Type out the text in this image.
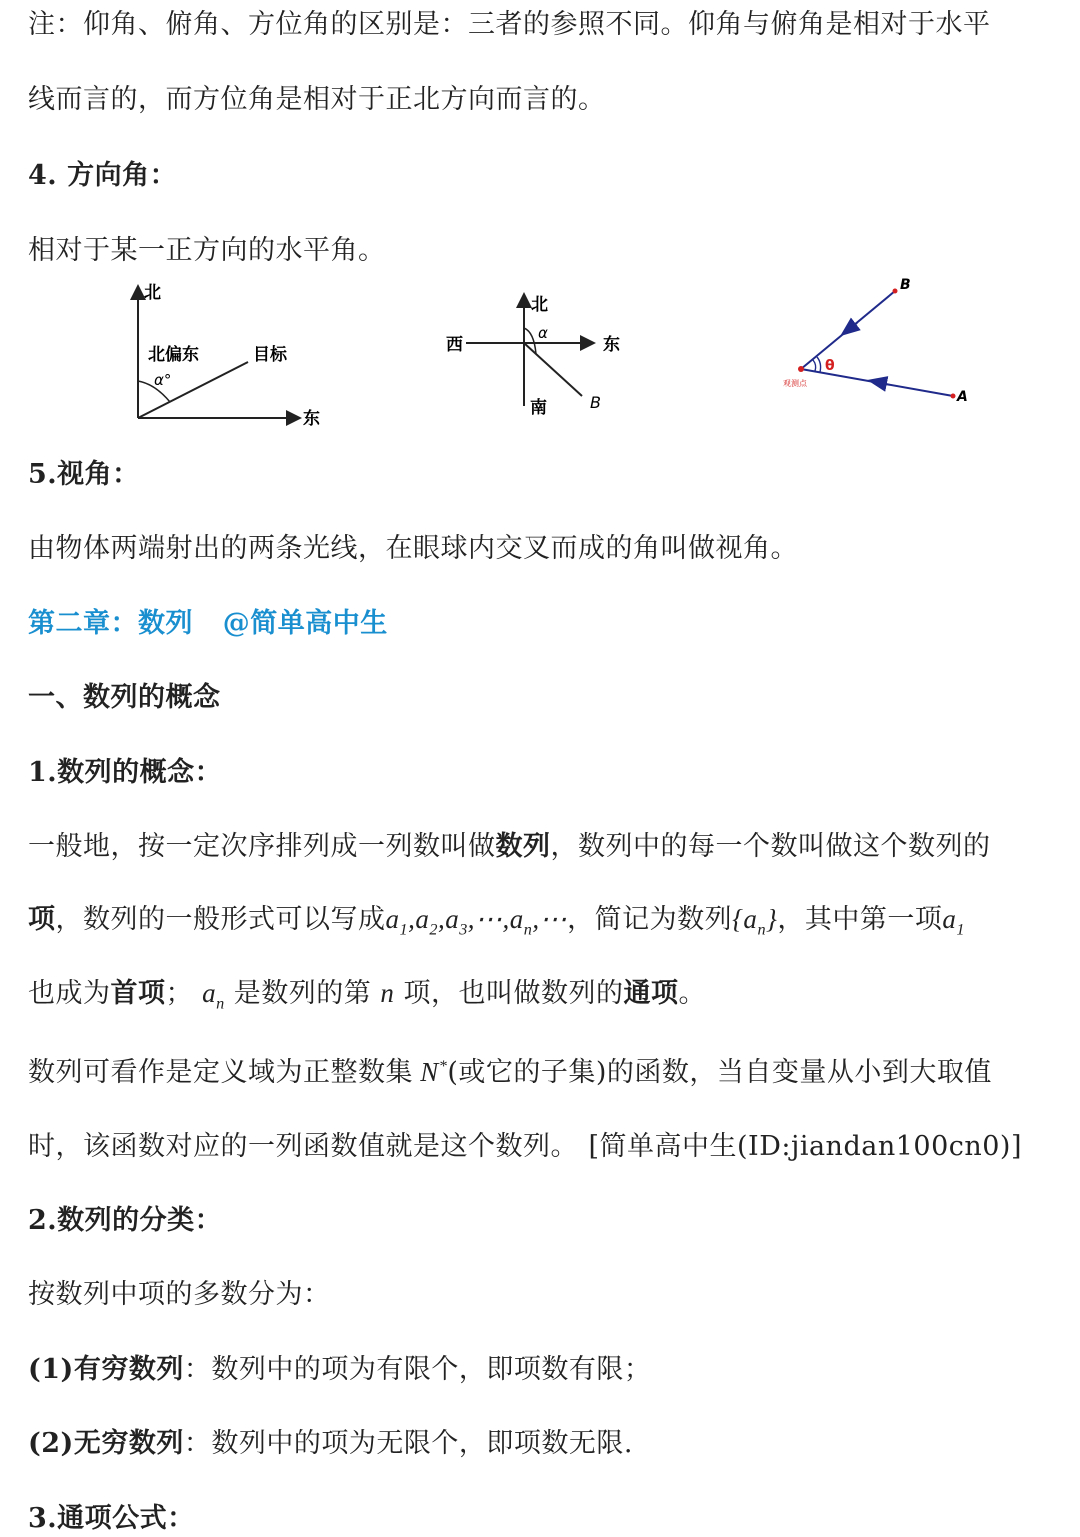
注：仰角、俯角、方位角的区别是：三者的参照不同。仰角与俯角是相对于水平
线而言的，而方位角是相对于正北方向而言的。
4. 方向角：
相对于某一正方向的水平角。
北
北偏东	目标
α°
东
北
西	东
南
α
B
B
A
θ
观测点
5.视角：
由物体两端射出的两条光线，在眼球内交叉而成的角叫做视角。
第二章：数列 @简单高中生
一、数列的概念
1.数列的概念：
一般地，按一定次序排列成一列数叫做数列，数列中的每一个数叫做这个数列的
项，数列的一般形式可以写成$a_1,a_2,a_3,\cdots,a_n,\cdots$，简记为数列$\{a_n\}$，其中第一项$a_1$
也成为首项； $a_n$ 是数列的第 n 项，也叫做数列的通项。
数列可看作是定义域为正整数集 N*(或它的子集)的函数，当自变量从小到大取值
时，该函数对应的一列函数值就是这个数列。 [简单高中生(ID:jiandan100cn0)]
2.数列的分类：
按数列中项的多数分为：
(1)有穷数列：数列中的项为有限个，即项数有限；
(2)无穷数列：数列中的项为无限个，即项数无限.
3.通项公式：
